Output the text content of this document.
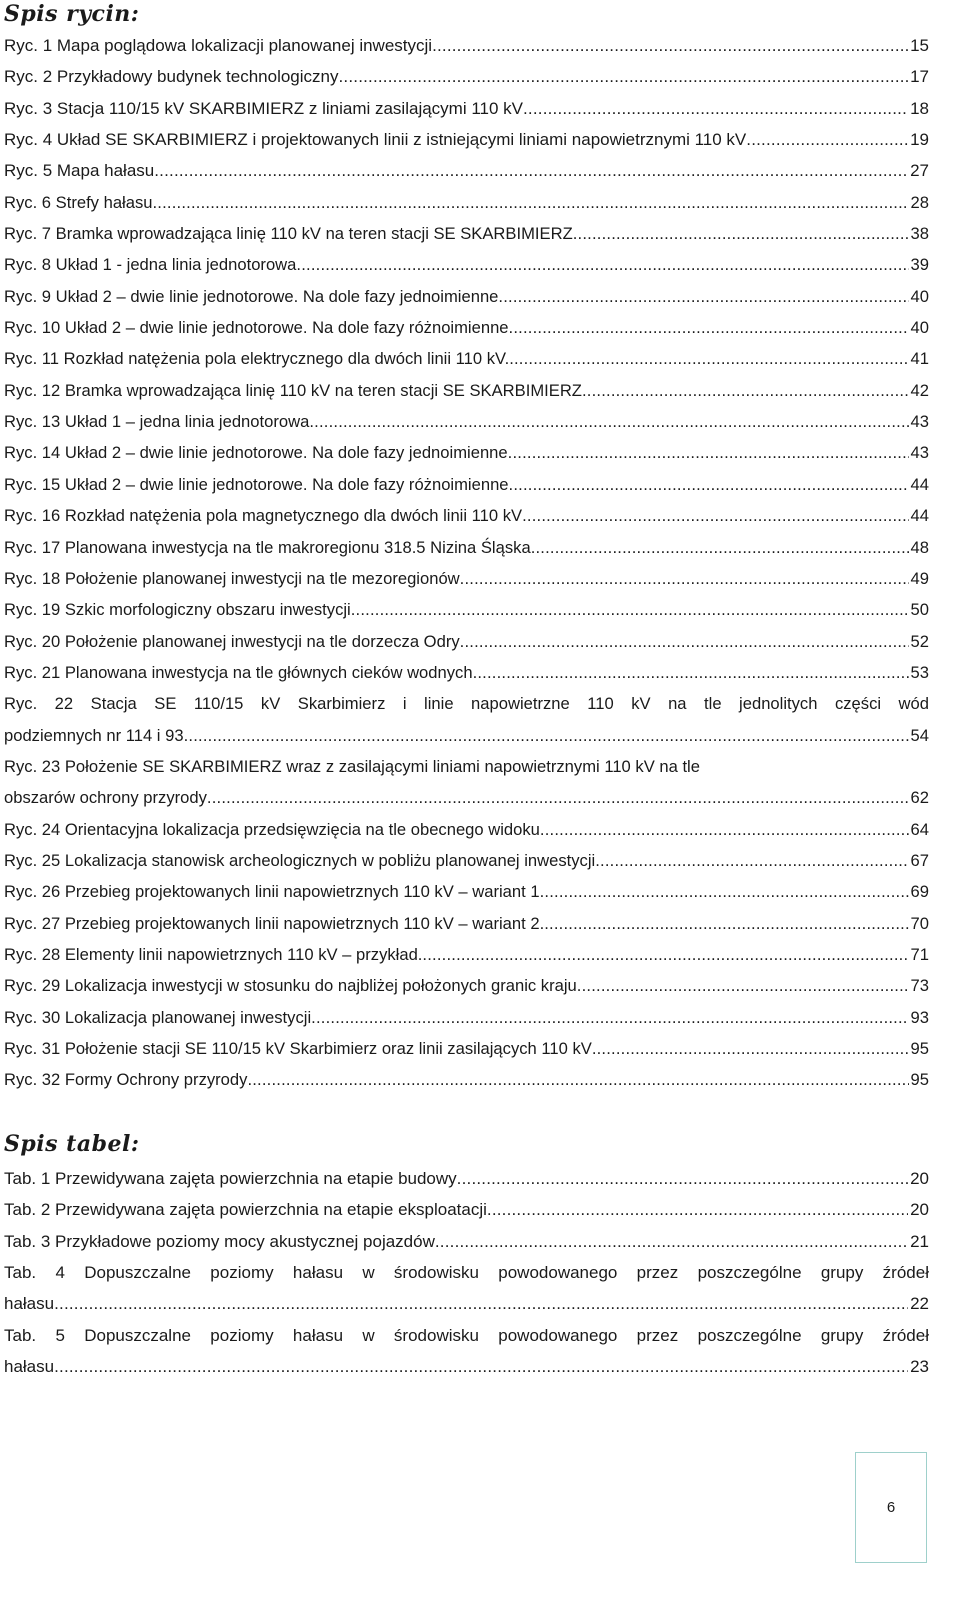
Spis rycin:
Ryc. 1 Mapa poglądowa lokalizacji planowanej inwestycji .....	15
Ryc. 2 Przykładowy budynek technologiczny .....	17
Ryc. 3 Stacja 110/15 kV SKARBIMIERZ z liniami zasilającymi 110 kV .....	18
Ryc. 4 Układ SE SKARBIMIERZ i projektowanych linii z istniejącymi liniami napowietrznymi 110 kV .....	19
Ryc. 5 Mapa hałasu .....	27
Ryc. 6 Strefy hałasu .....	28
Ryc. 7 Bramka wprowadzająca linię 110 kV na teren stacji SE SKARBIMIERZ .....	38
Ryc. 8 Układ 1 - jedna linia jednotorowa .....	39
Ryc. 9 Układ 2 – dwie linie jednotorowe. Na dole fazy jednoimienne .....	40
Ryc. 10 Układ 2 – dwie linie jednotorowe. Na dole fazy różnoimienne .....	40
Ryc. 11 Rozkład natężenia pola elektrycznego dla dwóch linii 110 kV. .....	41
Ryc. 12 Bramka wprowadzająca linię 110 kV na teren stacji SE SKARBIMIERZ .....	42
Ryc. 13 Układ 1 – jedna linia jednotorowa .....	43
Ryc. 14 Układ 2 – dwie linie jednotorowe. Na dole fazy jednoimienne .....	43
Ryc. 15 Układ 2 – dwie linie jednotorowe. Na dole fazy różnoimienne .....	44
Ryc. 16 Rozkład natężenia pola magnetycznego dla dwóch linii 110 kV .....	44
Ryc. 17 Planowana inwestycja na tle makroregionu 318.5 Nizina Śląska .....	48
Ryc. 18 Położenie planowanej inwestycji na tle mezoregionów .....	49
Ryc. 19 Szkic morfologiczny obszaru inwestycji .....	50
Ryc. 20 Położenie planowanej inwestycji na tle dorzecza Odry .....	52
Ryc. 21 Planowana inwestycja na tle głównych cieków wodnych .....	53
Ryc. 22 Stacja SE 110/15 kV Skarbimierz i linie napowietrzne 110 kV na tle jednolitych części wód
podziemnych nr 114 i 93 .....	54
Ryc. 23 Położenie SE SKARBIMIERZ wraz z zasilającymi liniami napowietrznymi 110 kV na tle
obszarów ochrony przyrody .....	62
Ryc. 24 Orientacyjna lokalizacja przedsięwzięcia na tle obecnego widoku .....	64
Ryc. 25 Lokalizacja stanowisk archeologicznych w pobliżu planowanej inwestycji .....	67
Ryc. 26 Przebieg projektowanych linii napowietrznych 110 kV – wariant 1 .....	69
Ryc. 27 Przebieg projektowanych linii napowietrznych 110 kV – wariant 2. .....	70
Ryc. 28 Elementy linii napowietrznych 110 kV – przykład. .....	71
Ryc. 29 Lokalizacja inwestycji w stosunku do najbliżej położonych granic kraju .....	73
Ryc. 30 Lokalizacja planowanej inwestycji .....	93
Ryc. 31 Położenie stacji SE 110/15 kV Skarbimierz oraz linii zasilających 110 kV .....	95
Ryc. 32 Formy Ochrony przyrody .....	95
Spis tabel:
Tab. 1 Przewidywana zajęta powierzchnia na etapie budowy .....	20
Tab. 2 Przewidywana zajęta powierzchnia na etapie eksploatacji .....	20
Tab. 3 Przykładowe poziomy mocy akustycznej pojazdów .....	21
Tab. 4 Dopuszczalne poziomy hałasu w środowisku powodowanego przez poszczególne grupy źródeł
hałasu .....	22
Tab. 5 Dopuszczalne poziomy hałasu w środowisku powodowanego przez poszczególne grupy źródeł
hałasu .....	23
6
